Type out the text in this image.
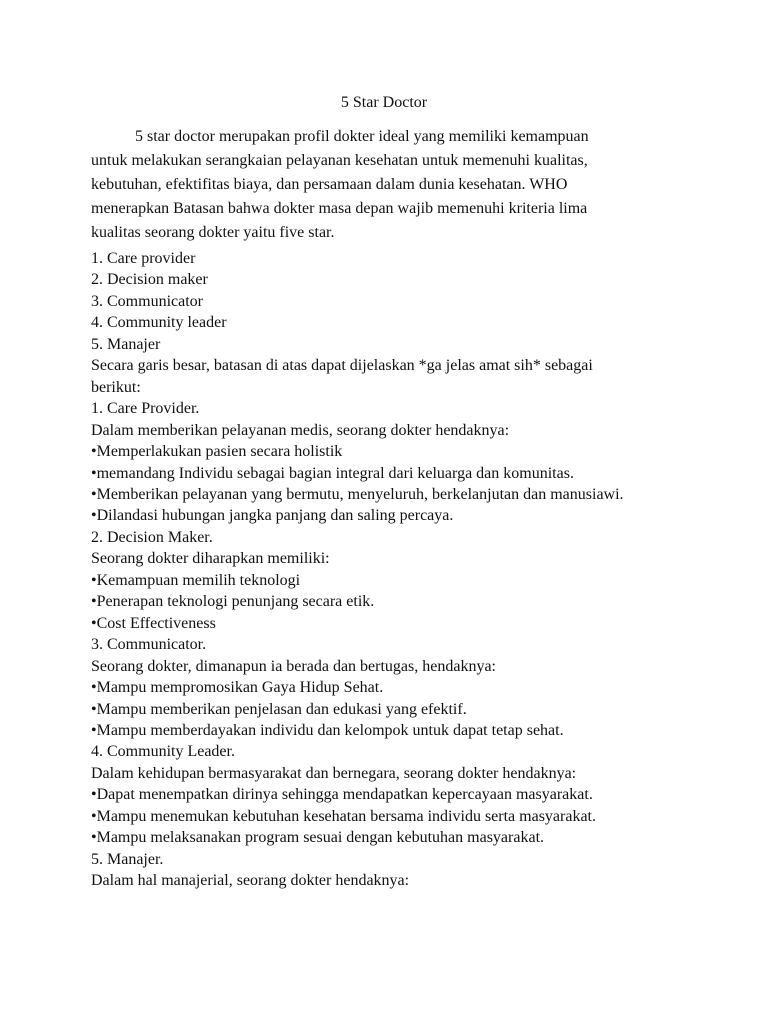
5 Star Doctor

5 star doctor merupakan profil dokter ideal yang memiliki kemampuan
untuk melakukan serangkaian pelayanan kesehatan untuk memenuhi kualitas,
kebutuhan, efektifitas biaya, dan persamaan dalam dunia kesehatan. WHO
menerapkan Batasan bahwa dokter masa depan wajib memenuhi kriteria lima
kualitas seorang dokter yaitu five star.

1. Care provider
2. Decision maker
3. Communicator
4. Community leader
5. Manajer
Secara garis besar, batasan di atas dapat dijelaskan *ga jelas amat sih* sebagai
berikut:
1. Care Provider.
Dalam memberikan pelayanan medis, seorang dokter hendaknya:
•Memperlakukan pasien secara holistik
•memandang Individu sebagai bagian integral dari keluarga dan komunitas.
•Memberikan pelayanan yang bermutu, menyeluruh, berkelanjutan dan manusiawi.
•Dilandasi hubungan jangka panjang dan saling percaya.
2. Decision Maker.
Seorang dokter diharapkan memiliki:
•Kemampuan memilih teknologi
•Penerapan teknologi penunjang secara etik.
•Cost Effectiveness
3. Communicator.
Seorang dokter, dimanapun ia berada dan bertugas, hendaknya:
•Mampu mempromosikan Gaya Hidup Sehat.
•Mampu memberikan penjelasan dan edukasi yang efektif.
•Mampu memberdayakan individu dan kelompok untuk dapat tetap sehat.
4. Community Leader.
Dalam kehidupan bermasyarakat dan bernegara, seorang dokter hendaknya:
•Dapat menempatkan dirinya sehingga mendapatkan kepercayaan masyarakat.
•Mampu menemukan kebutuhan kesehatan bersama individu serta masyarakat.
•Mampu melaksanakan program sesuai dengan kebutuhan masyarakat.
5. Manajer.
Dalam hal manajerial, seorang dokter hendaknya:
